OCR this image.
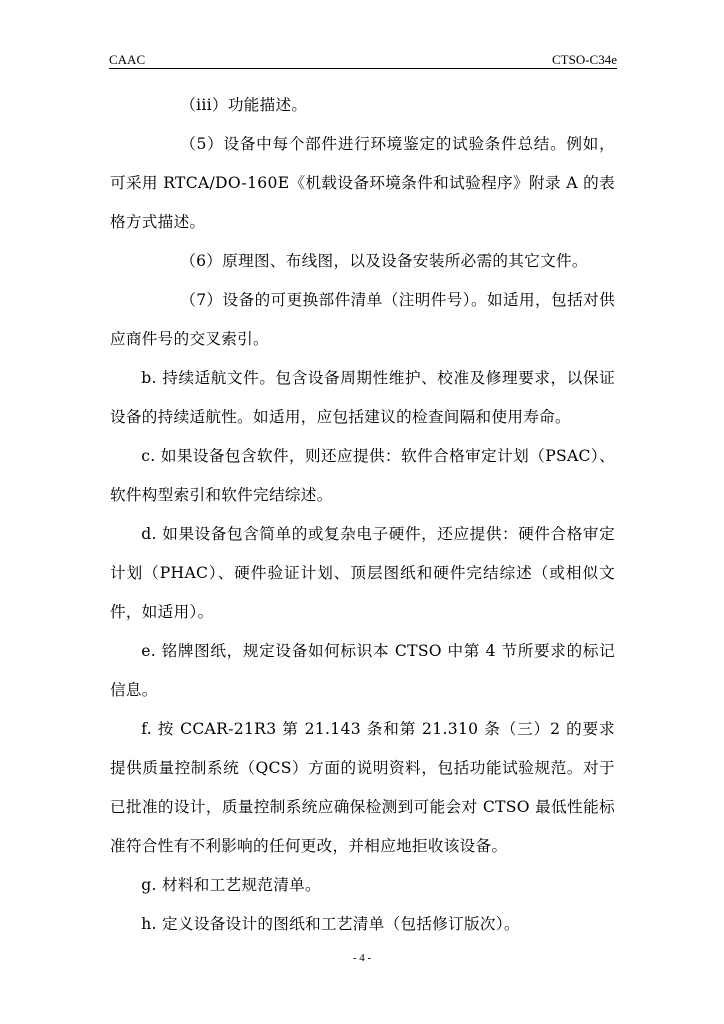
CAAC	CTSO-C34e

（iii）功能描述。

（5）设备中每个部件进行环境鉴定的试验条件总结。例如，可采用 RTCA/DO-160E《机载设备环境条件和试验程序》附录 A 的表格方式描述。

（6）原理图、布线图，以及设备安装所必需的其它文件。

（7）设备的可更换部件清单（注明件号）。如适用，包括对供应商件号的交叉索引。

b. 持续适航文件。包含设备周期性维护、校准及修理要求，以保证设备的持续适航性。如适用，应包括建议的检查间隔和使用寿命。

c. 如果设备包含软件，则还应提供：软件合格审定计划（PSAC）、软件构型索引和软件完结综述。

d. 如果设备包含简单的或复杂电子硬件，还应提供：硬件合格审定计划（PHAC）、硬件验证计划、顶层图纸和硬件完结综述（或相似文件，如适用）。

e. 铭牌图纸，规定设备如何标识本 CTSO 中第 4 节所要求的标记信息。

f. 按 CCAR-21R3 第 21.143 条和第 21.310 条（三）2 的要求提供质量控制系统（QCS）方面的说明资料，包括功能试验规范。对于已批准的设计，质量控制系统应确保检测到可能会对 CTSO 最低性能标准符合性有不利影响的任何更改，并相应地拒收该设备。

g. 材料和工艺规范清单。

h. 定义设备设计的图纸和工艺清单（包括修订版次）。

- 4 -
